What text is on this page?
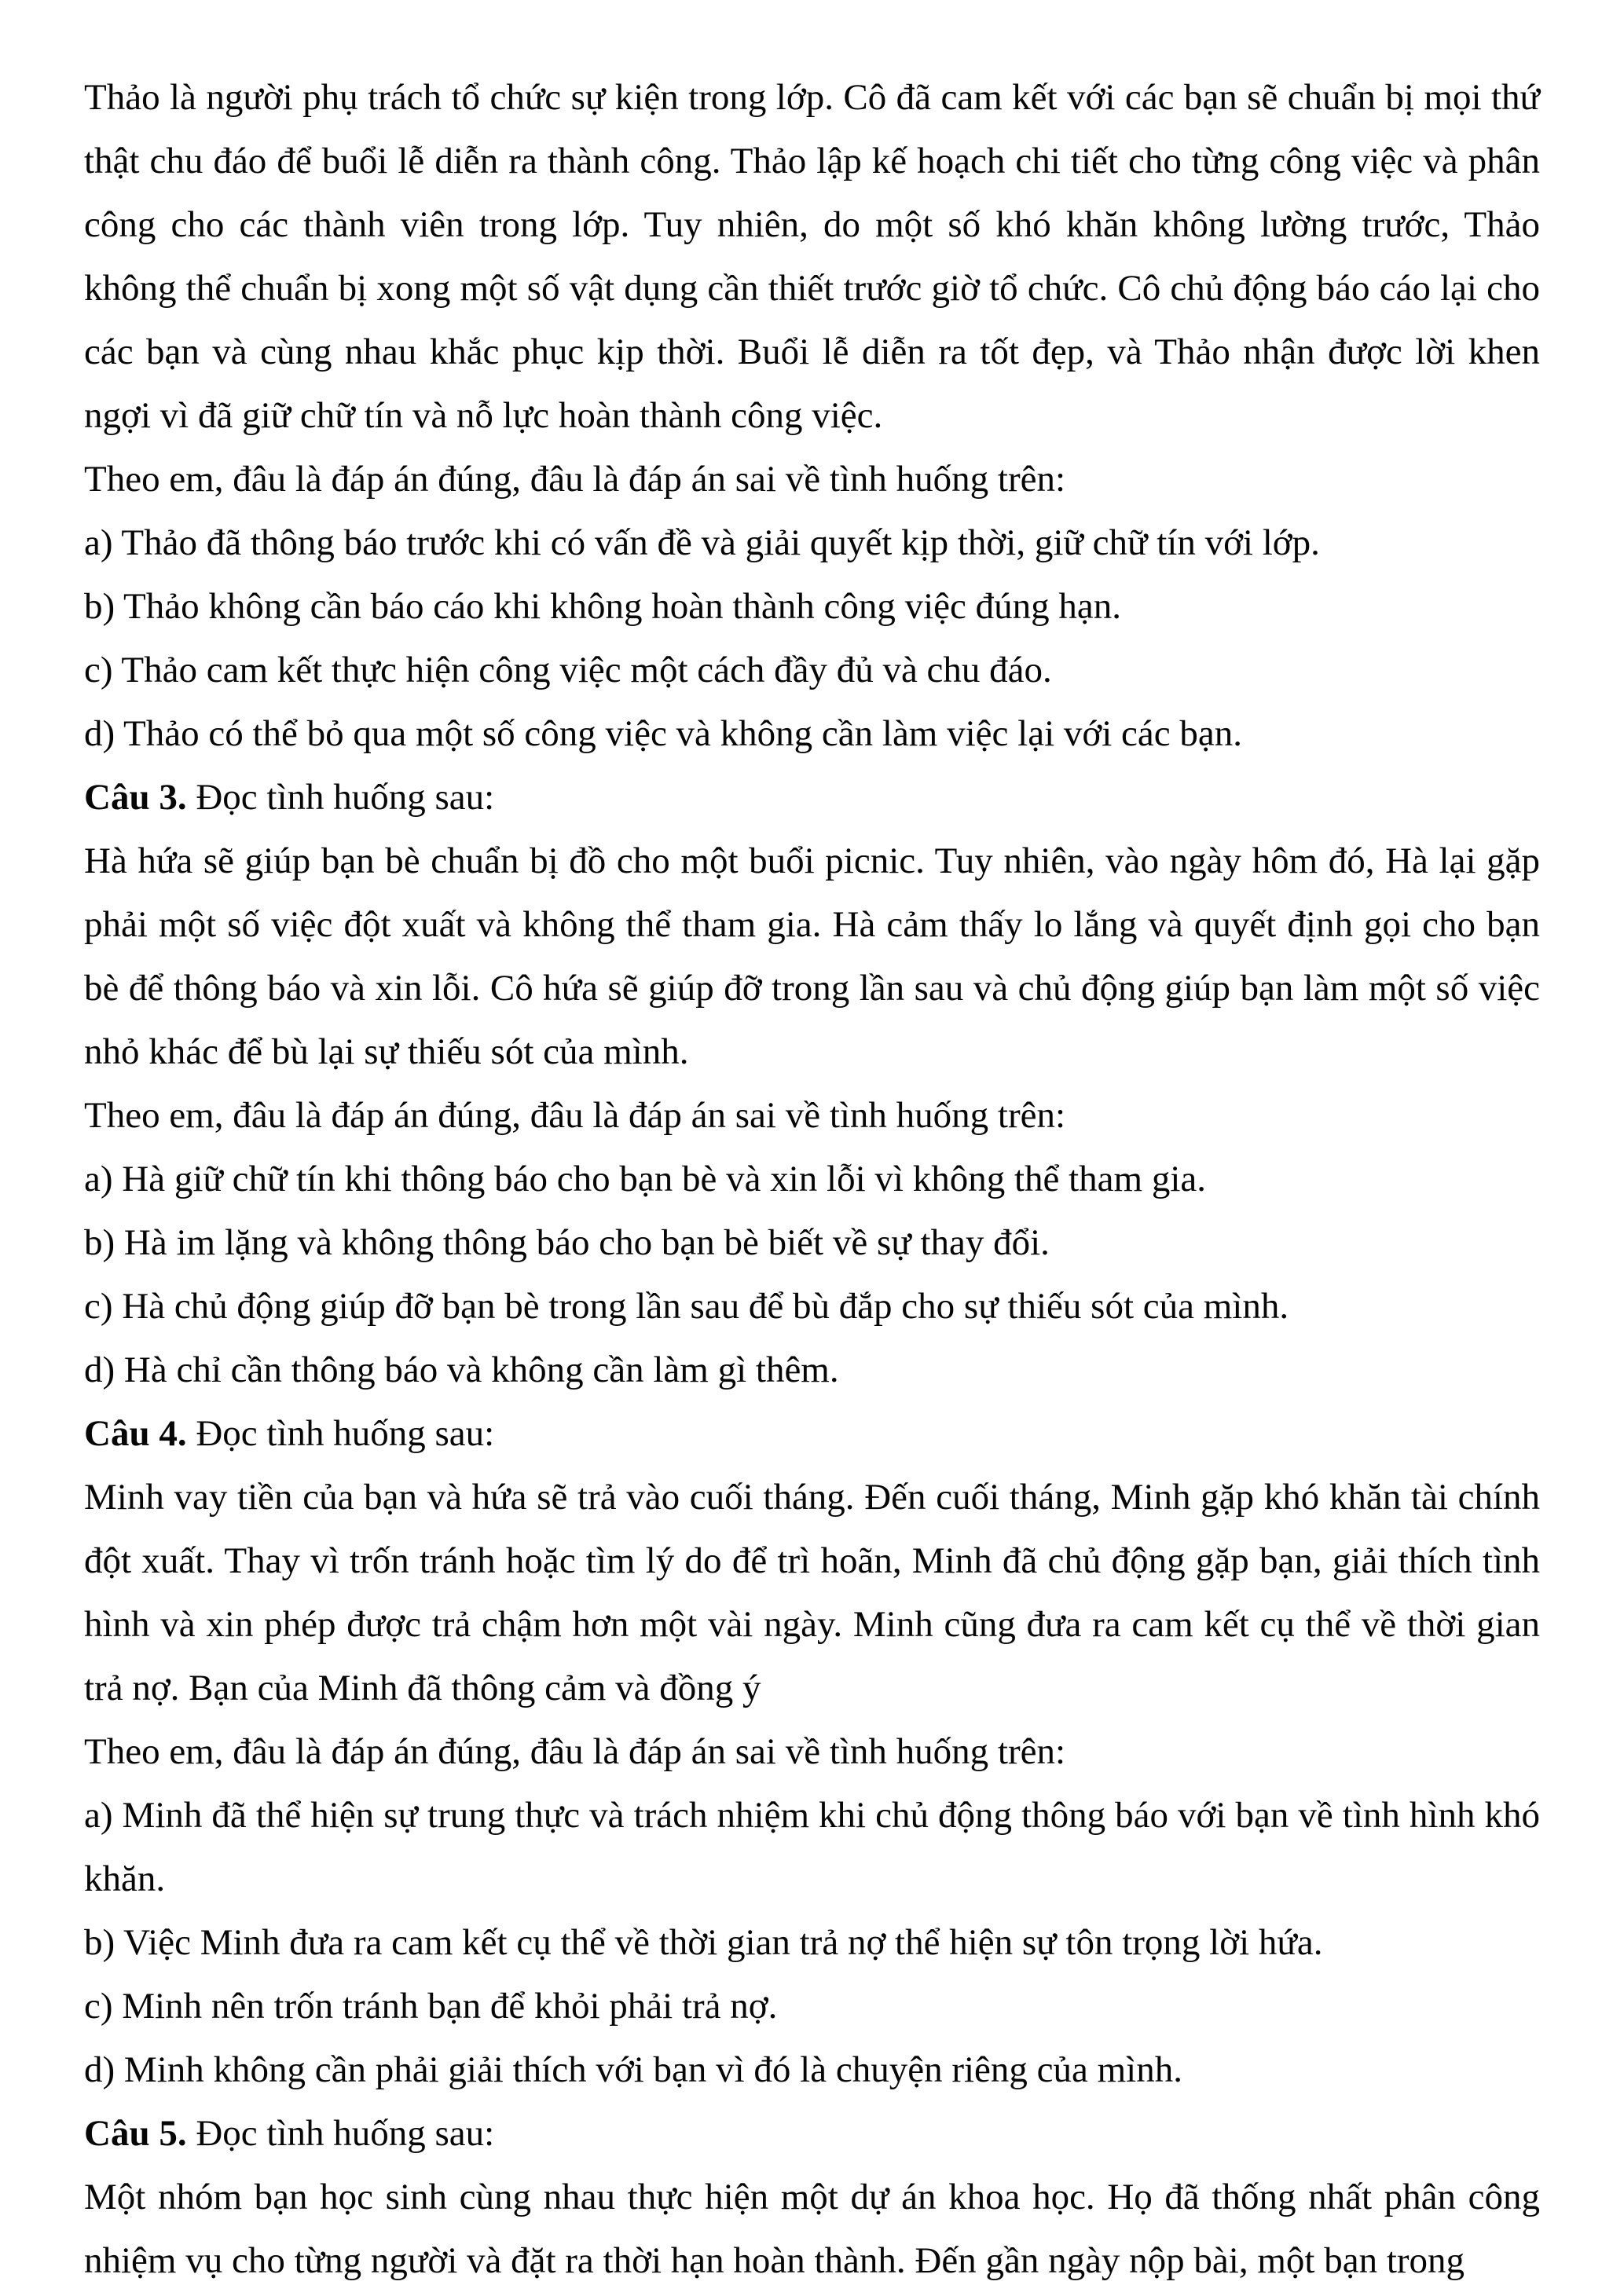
Thảo là người phụ trách tổ chức sự kiện trong lớp. Cô đã cam kết với các bạn sẽ chuẩn bị mọi thứ thật chu đáo để buổi lễ diễn ra thành công. Thảo lập kế hoạch chi tiết cho từng công việc và phân công cho các thành viên trong lớp. Tuy nhiên, do một số khó khăn không lường trước, Thảo không thể chuẩn bị xong một số vật dụng cần thiết trước giờ tổ chức. Cô chủ động báo cáo lại cho các bạn và cùng nhau khắc phục kịp thời. Buổi lễ diễn ra tốt đẹp, và Thảo nhận được lời khen ngợi vì đã giữ chữ tín và nỗ lực hoàn thành công việc.

Theo em, đâu là đáp án đúng, đâu là đáp án sai về tình huống trên:

a) Thảo đã thông báo trước khi có vấn đề và giải quyết kịp thời, giữ chữ tín với lớp.

b) Thảo không cần báo cáo khi không hoàn thành công việc đúng hạn.

c) Thảo cam kết thực hiện công việc một cách đầy đủ và chu đáo.

d) Thảo có thể bỏ qua một số công việc và không cần làm việc lại với các bạn.

Câu 3. Đọc tình huống sau:

Hà hứa sẽ giúp bạn bè chuẩn bị đồ cho một buổi picnic. Tuy nhiên, vào ngày hôm đó, Hà lại gặp phải một số việc đột xuất và không thể tham gia. Hà cảm thấy lo lắng và quyết định gọi cho bạn bè để thông báo và xin lỗi. Cô hứa sẽ giúp đỡ trong lần sau và chủ động giúp bạn làm một số việc nhỏ khác để bù lại sự thiếu sót của mình.

Theo em, đâu là đáp án đúng, đâu là đáp án sai về tình huống trên:

a) Hà giữ chữ tín khi thông báo cho bạn bè và xin lỗi vì không thể tham gia.

b) Hà im lặng và không thông báo cho bạn bè biết về sự thay đổi.

c) Hà chủ động giúp đỡ bạn bè trong lần sau để bù đắp cho sự thiếu sót của mình.

d) Hà chỉ cần thông báo và không cần làm gì thêm.

Câu 4. Đọc tình huống sau:

Minh vay tiền của bạn và hứa sẽ trả vào cuối tháng. Đến cuối tháng, Minh gặp khó khăn tài chính đột xuất. Thay vì trốn tránh hoặc tìm lý do để trì hoãn, Minh đã chủ động gặp bạn, giải thích tình hình và xin phép được trả chậm hơn một vài ngày. Minh cũng đưa ra cam kết cụ thể về thời gian trả nợ. Bạn của Minh đã thông cảm và đồng ý

Theo em, đâu là đáp án đúng, đâu là đáp án sai về tình huống trên:

a) Minh đã thể hiện sự trung thực và trách nhiệm khi chủ động thông báo với bạn về tình hình khó khăn.

b) Việc Minh đưa ra cam kết cụ thể về thời gian trả nợ thể hiện sự tôn trọng lời hứa.

c) Minh nên trốn tránh bạn để khỏi phải trả nợ.

d) Minh không cần phải giải thích với bạn vì đó là chuyện riêng của mình.

Câu 5. Đọc tình huống sau:

Một nhóm bạn học sinh cùng nhau thực hiện một dự án khoa học. Họ đã thống nhất phân công nhiệm vụ cho từng người và đặt ra thời hạn hoàn thành. Đến gần ngày nộp bài, một bạn trong
